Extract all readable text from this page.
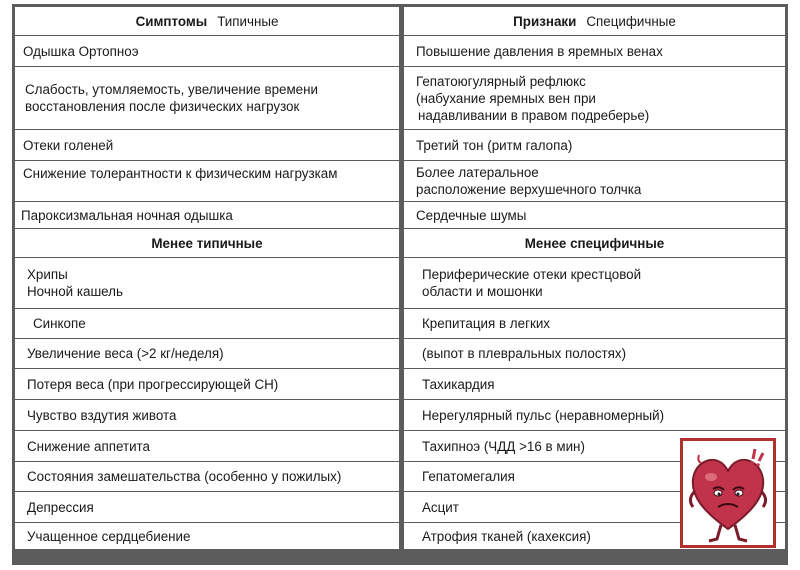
Симптомы Типичные
Одышка Ортопноэ
Слабость, утомляемость, увеличение времени
восстановления после физических нагрузок
Отеки голеней
Снижение толерантности к физическим нагрузкам
Пароксизмальная ночная одышка
Менее типичные
Хрипы
Ночной кашель
Синкопе
Увеличение веса (>2 кг/неделя)
Потеря веса (при прогрессирующей СН)
Чувство вздутия живота
Снижение аппетита
Состояния замешательства (особенно у пожилых)
Депрессия
Учащенное сердцебиение
Признаки Специфичные
Повышение давления в яремных венах
Гепатоюгулярный рефлюкс
(набухание яремных вен при
надавливании в правом подреберье)
Третий тон (ритм галопа)
Более латеральное
расположение верхушечного толчка
Сердечные шумы
Менее специфичные
Периферические отеки крестцовой
области и мошонки
Крепитация в легких
(выпот в плевральных полостях)
Тахикардия
Нерегулярный пульс (неравномерный)
Тахипноэ (ЧДД >16 в мин)
Гепатомегалия
Асцит
Атрофия тканей (кахексия)
